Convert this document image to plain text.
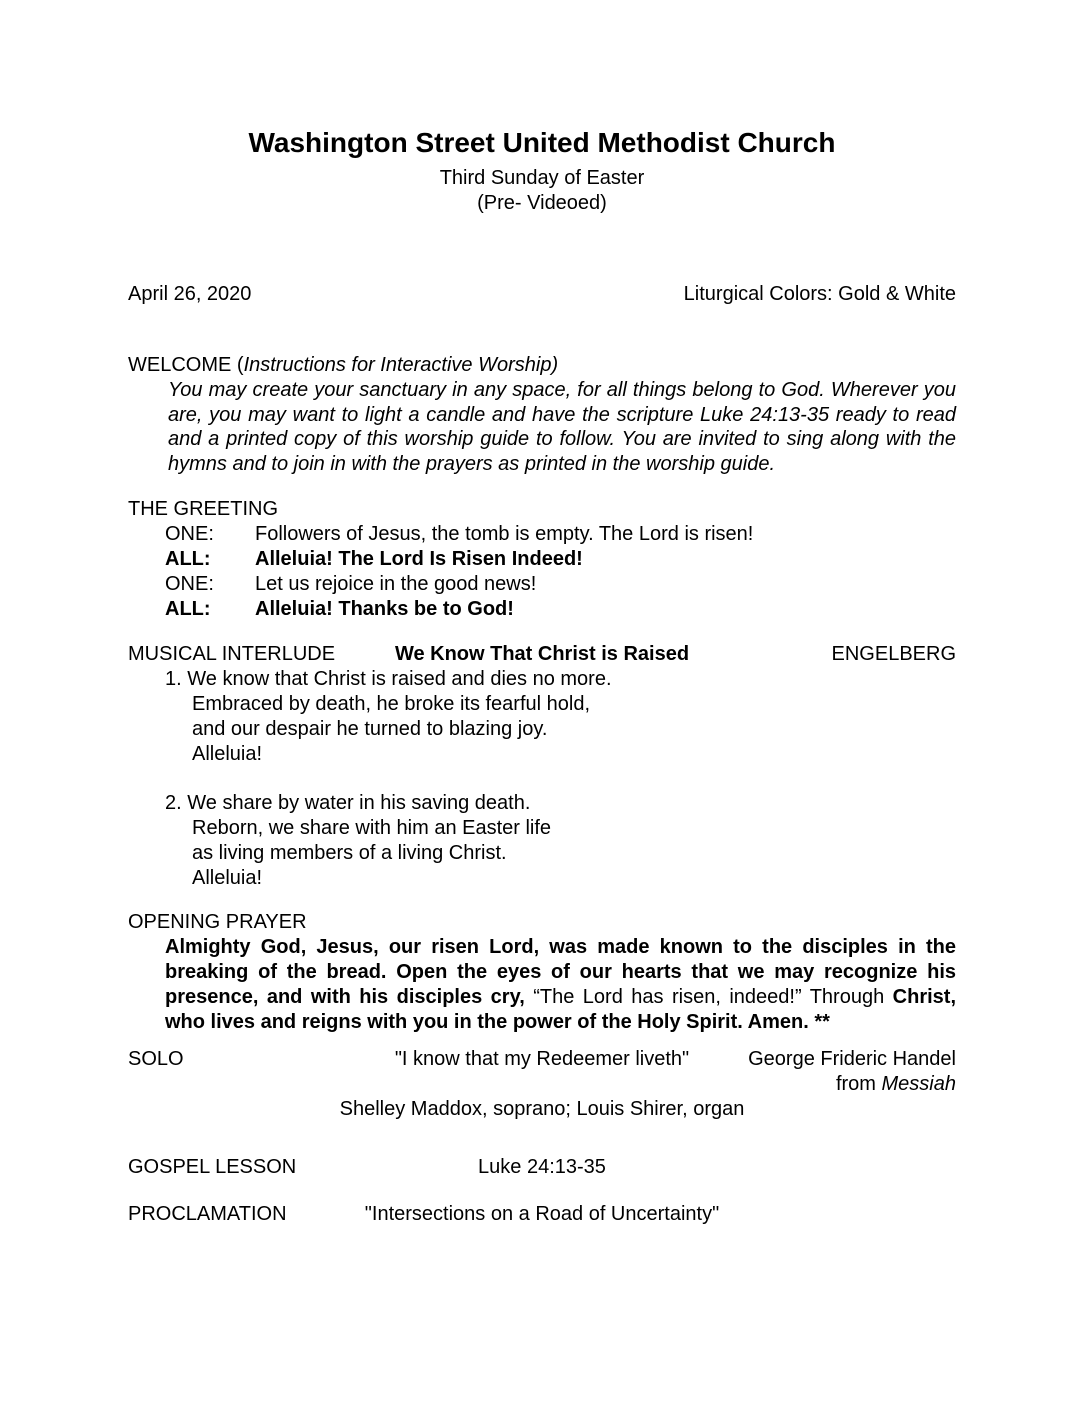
Washington Street United Methodist Church
Third Sunday of Easter
(Pre- Videoed)
April 26, 2020	Liturgical Colors: Gold & White
WELCOME (Instructions for Interactive Worship)
You may create your sanctuary in any space, for all things belong to God. Wherever you are, you may want to light a candle and have the scripture Luke 24:13-35 ready to read and a printed copy of this worship guide to follow. You are invited to sing along with the hymns and to join in with the prayers as printed in the worship guide.
THE GREETING
ONE:	Followers of Jesus, the tomb is empty. The Lord is risen!
ALL:	Alleluia! The Lord Is Risen Indeed!
ONE:	Let us rejoice in the good news!
ALL:	Alleluia! Thanks be to God!
MUSICAL INTERLUDE	We Know That Christ is Raised	ENGELBERG
1. We know that Christ is raised and dies no more.
Embraced by death, he broke its fearful hold,
and our despair he turned to blazing joy.
Alleluia!
2. We share by water in his saving death.
Reborn, we share with him an Easter life
as living members of a living Christ.
Alleluia!
OPENING PRAYER
Almighty God, Jesus, our risen Lord, was made known to the disciples in the breaking of the bread. Open the eyes of our hearts that we may recognize his presence, and with his disciples cry, “The Lord has risen, indeed!” Through Christ, who lives and reigns with you in the power of the Holy Spirit. Amen. **
SOLO	"I know that my Redeemer liveth"	George Frideric Handel
from Messiah
Shelley Maddox, soprano; Louis Shirer, organ
GOSPEL LESSON	Luke 24:13-35
PROCLAMATION	"Intersections on a Road of Uncertainty"
